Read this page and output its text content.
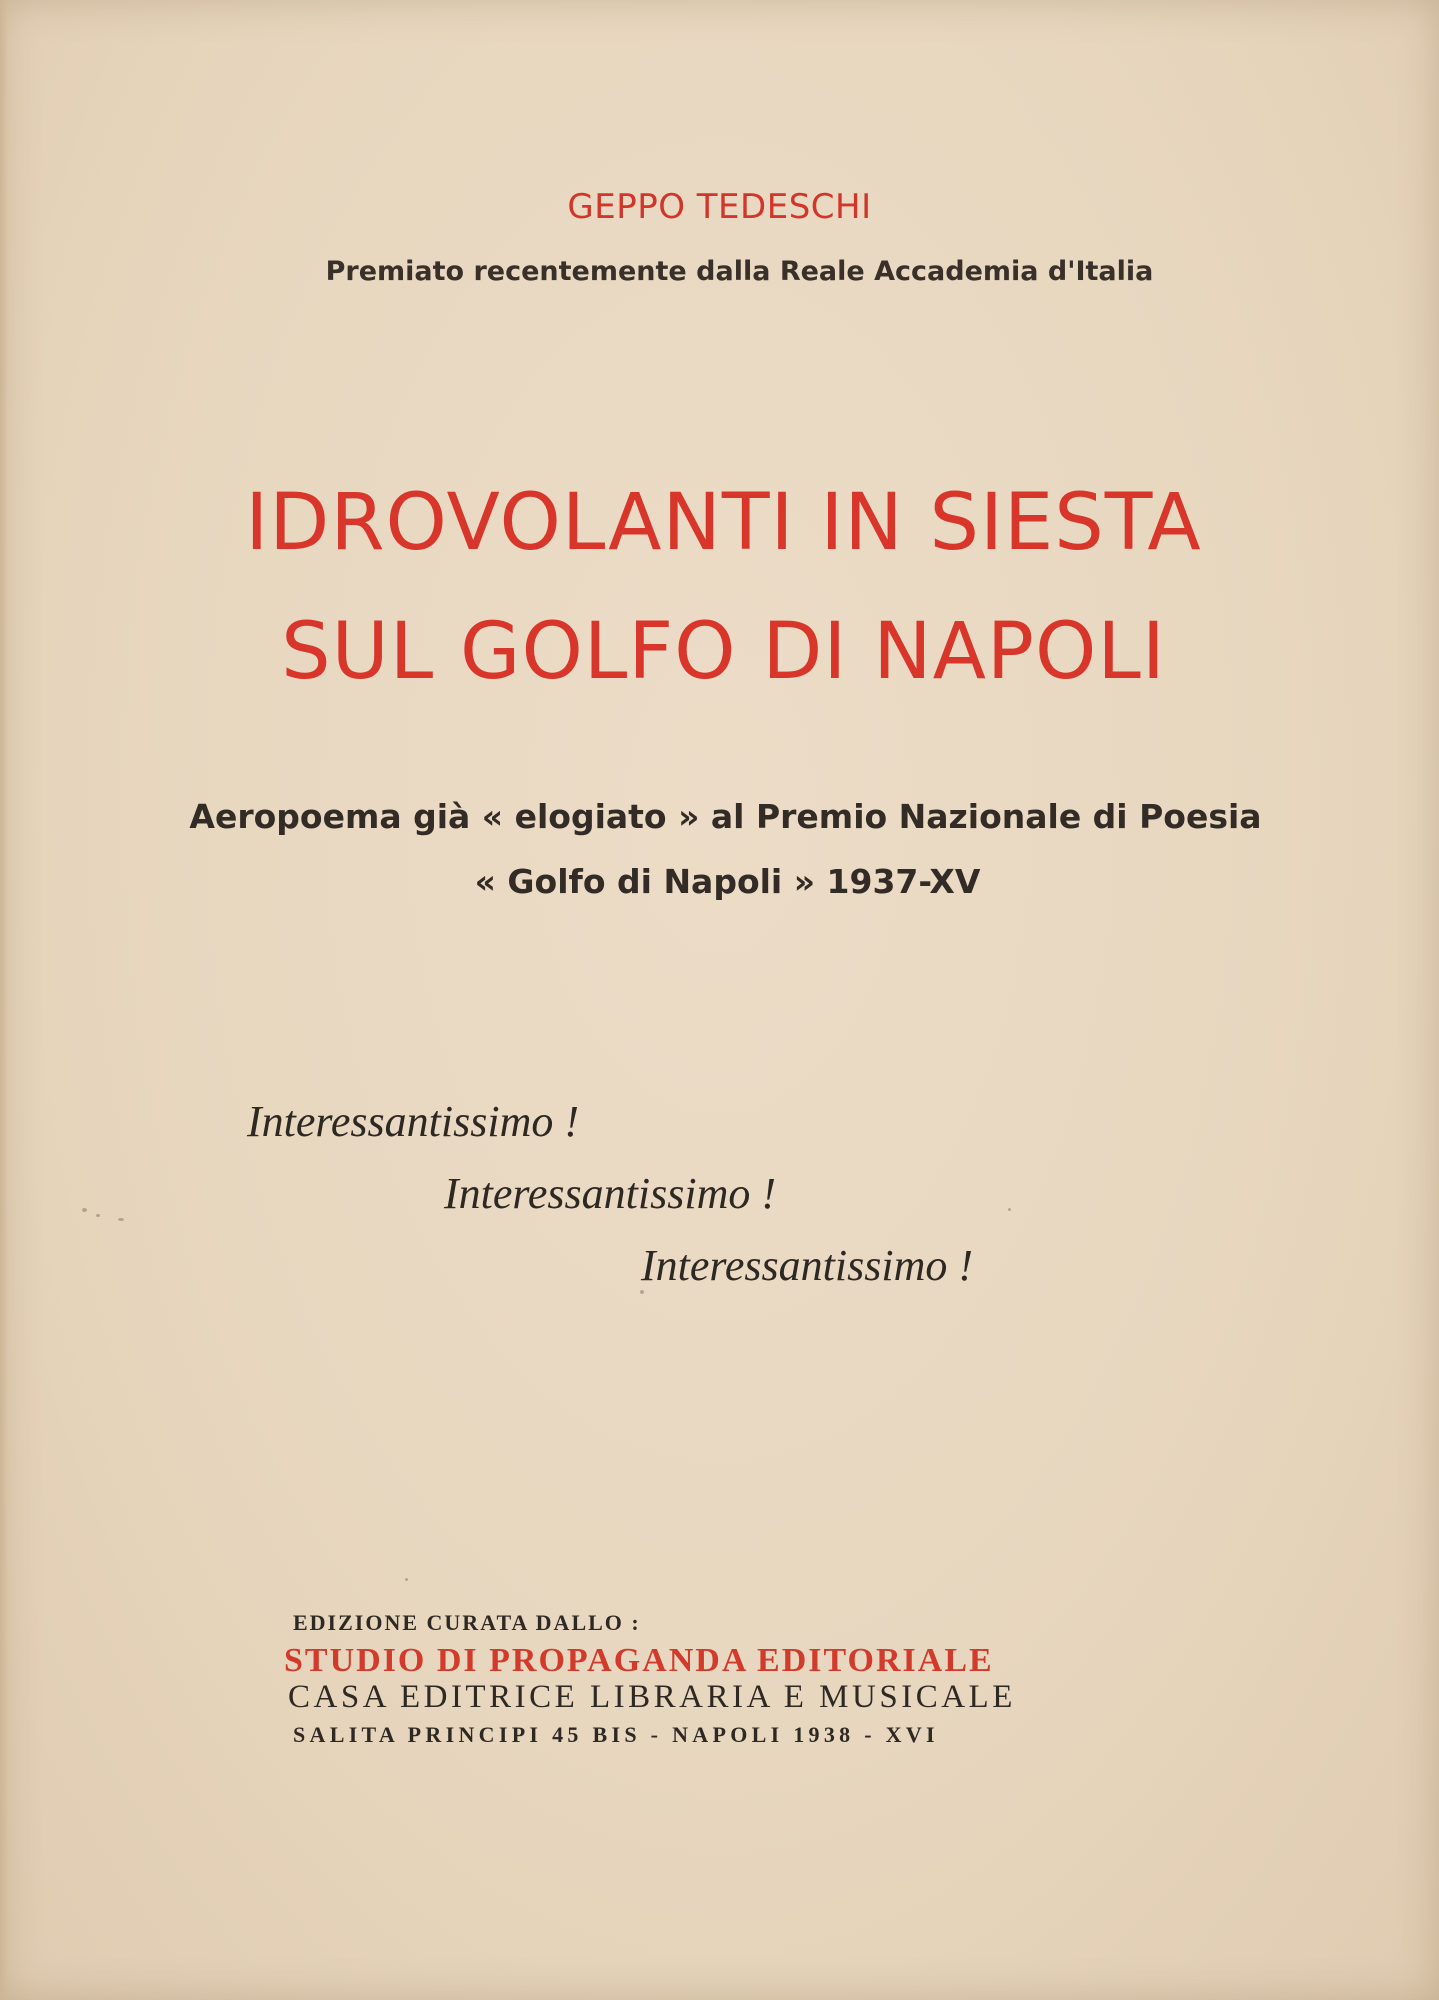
GEPPO TEDESCHI

Premiato recentemente dalla Reale Accademia d'Italia

IDROVOLANTI IN SIESTA

SUL GOLFO DI NAPOLI

Aeropoema già « elogiato » al Premio Nazionale di Poesia

« Golfo di Napoli » 1937-XV

Interessantissimo !

Interessantissimo !

Interessantissimo !

EDIZIONE CURATA DALLO :

STUDIO DI PROPAGANDA EDITORIALE

CASA EDITRICE LIBRARIA E MUSICALE

SALITA PRINCIPI 45 BIS - NAPOLI 1938 - XVI
